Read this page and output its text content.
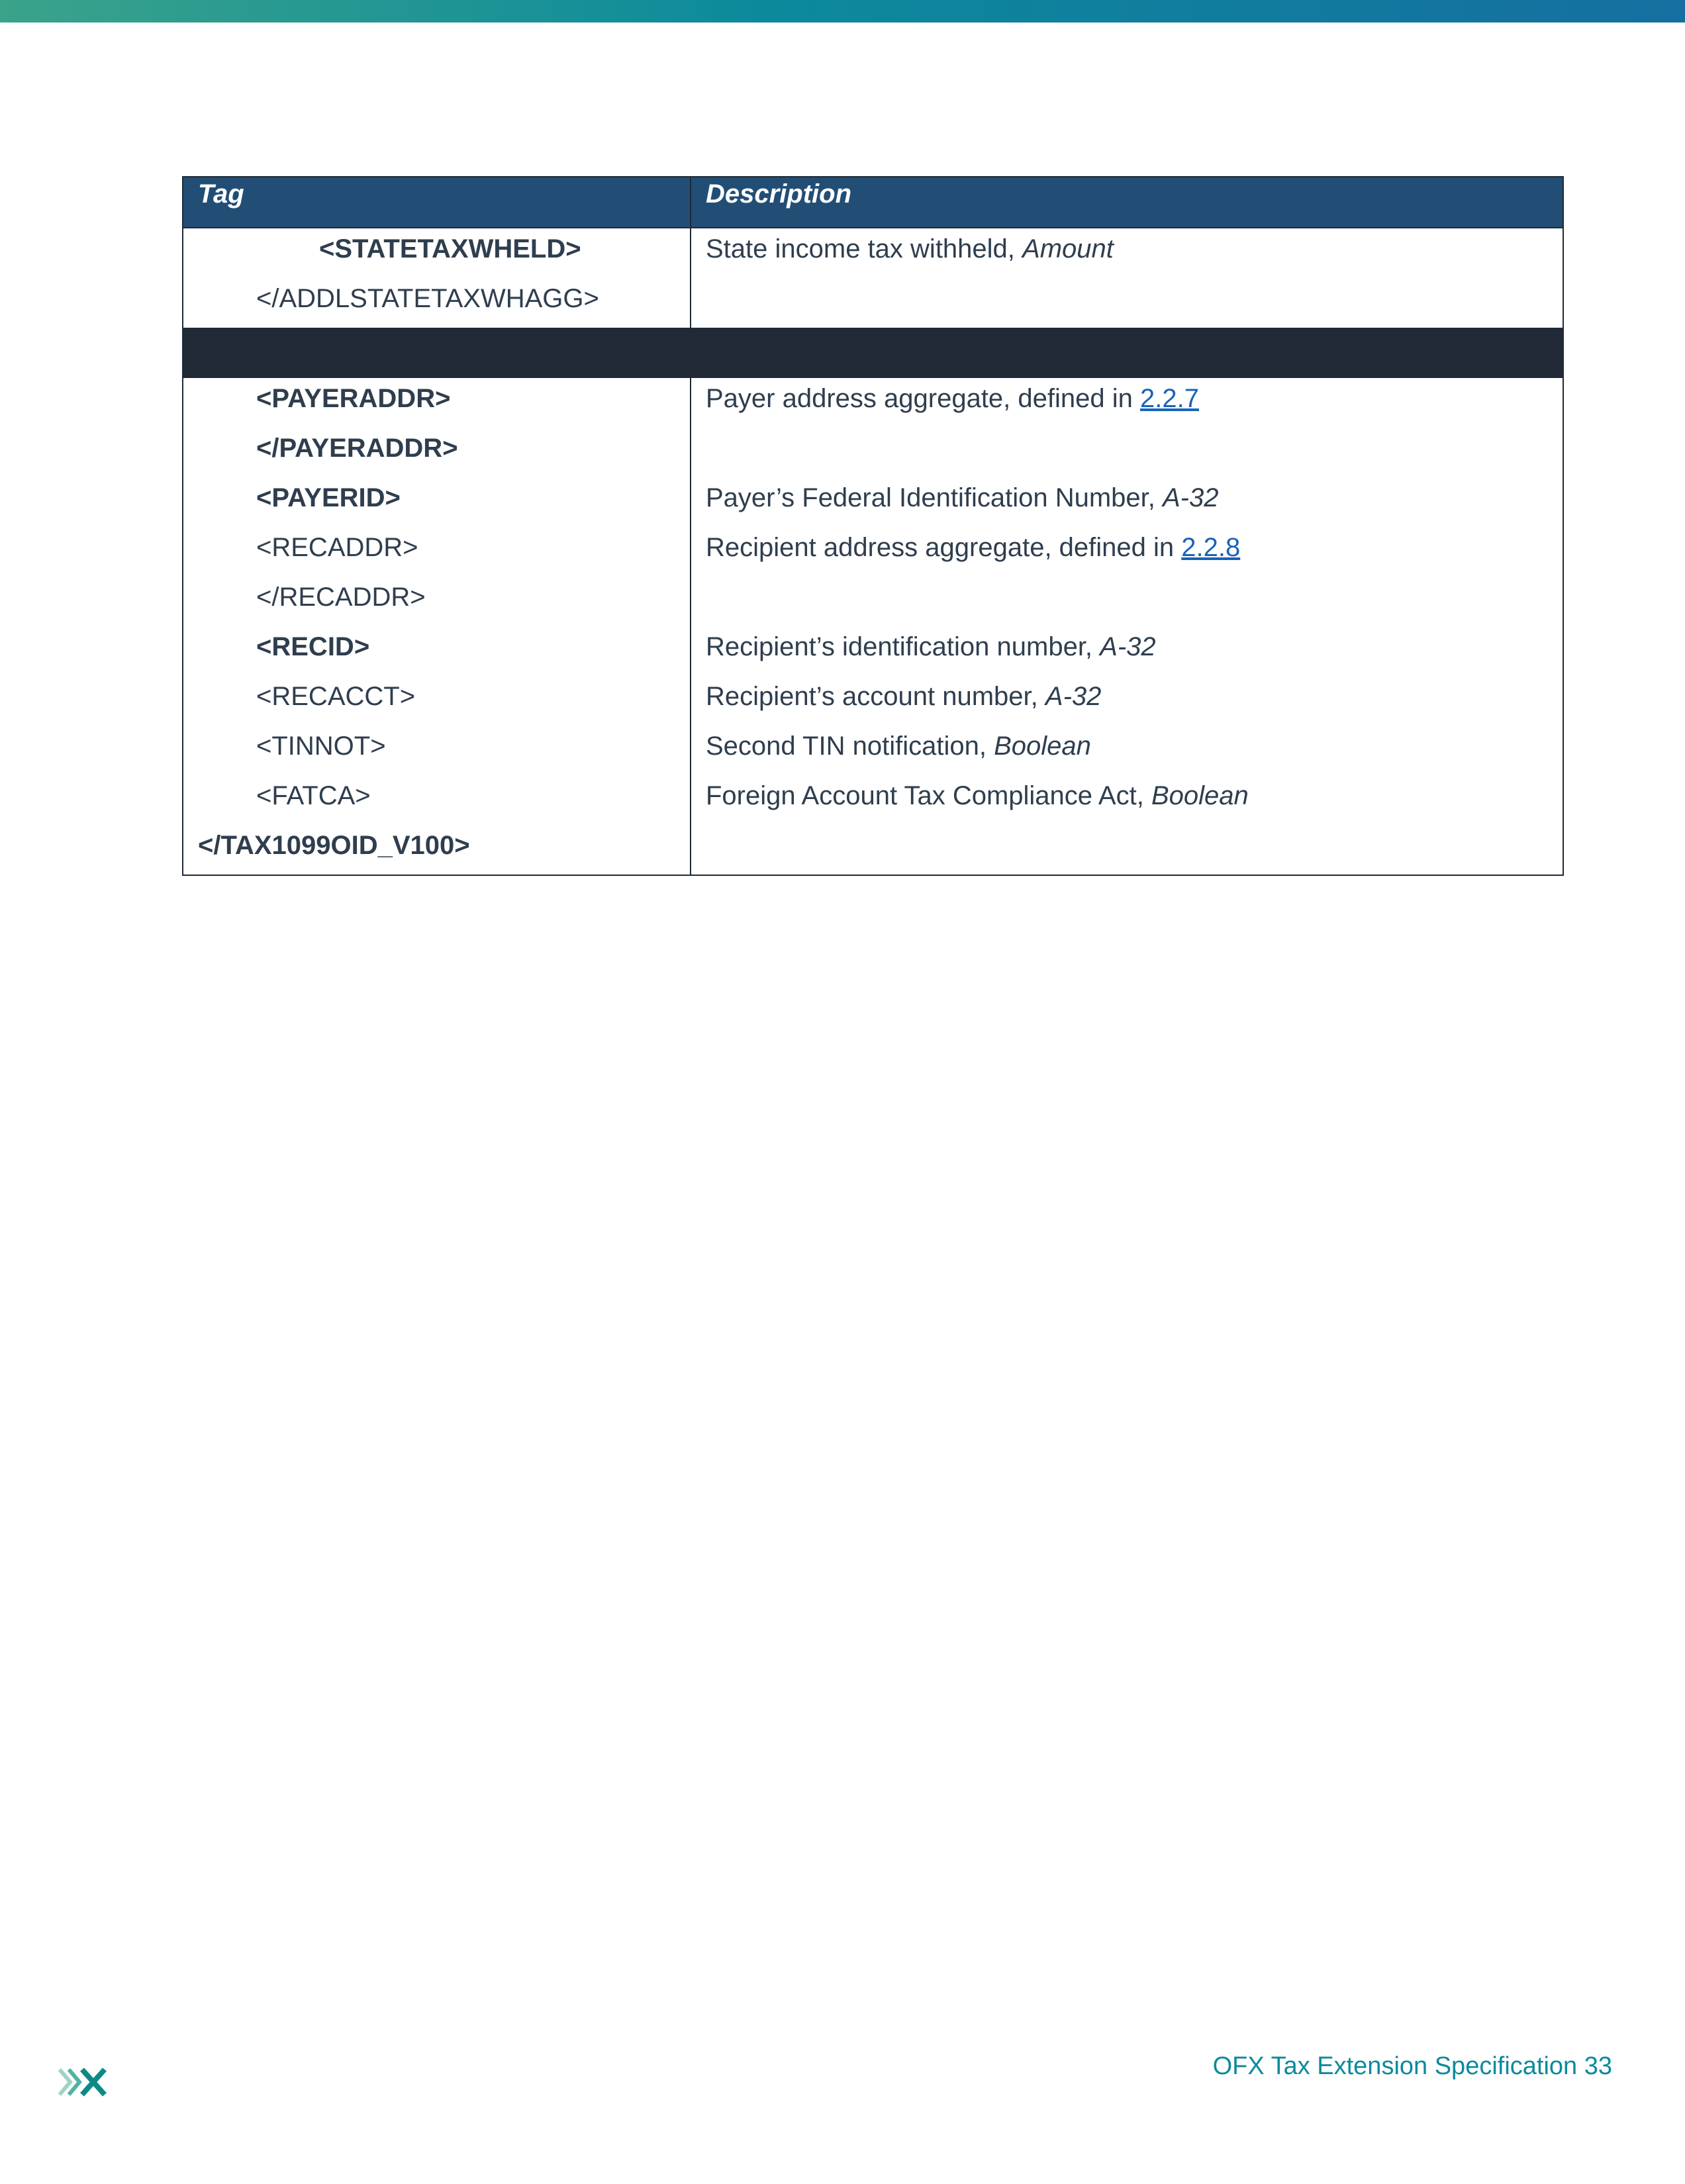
Tag	Description
<STATETAXWHELD>	State income tax withheld, Amount
</ADDLSTATETAXWHAGG>
<PAYERADDR>	Payer address aggregate, defined in 2.2.7
</PAYERADDR>
<PAYERID>	Payer’s Federal Identification Number, A-32
<RECADDR>	Recipient address aggregate, defined in 2.2.8
</RECADDR>
<RECID>	Recipient’s identification number, A-32
<RECACCT>	Recipient’s account number, A-32
<TINNOT>	Second TIN notification, Boolean
<FATCA>	Foreign Account Tax Compliance Act, Boolean
</TAX1099OID_V100>
OFX Tax Extension Specification 33
